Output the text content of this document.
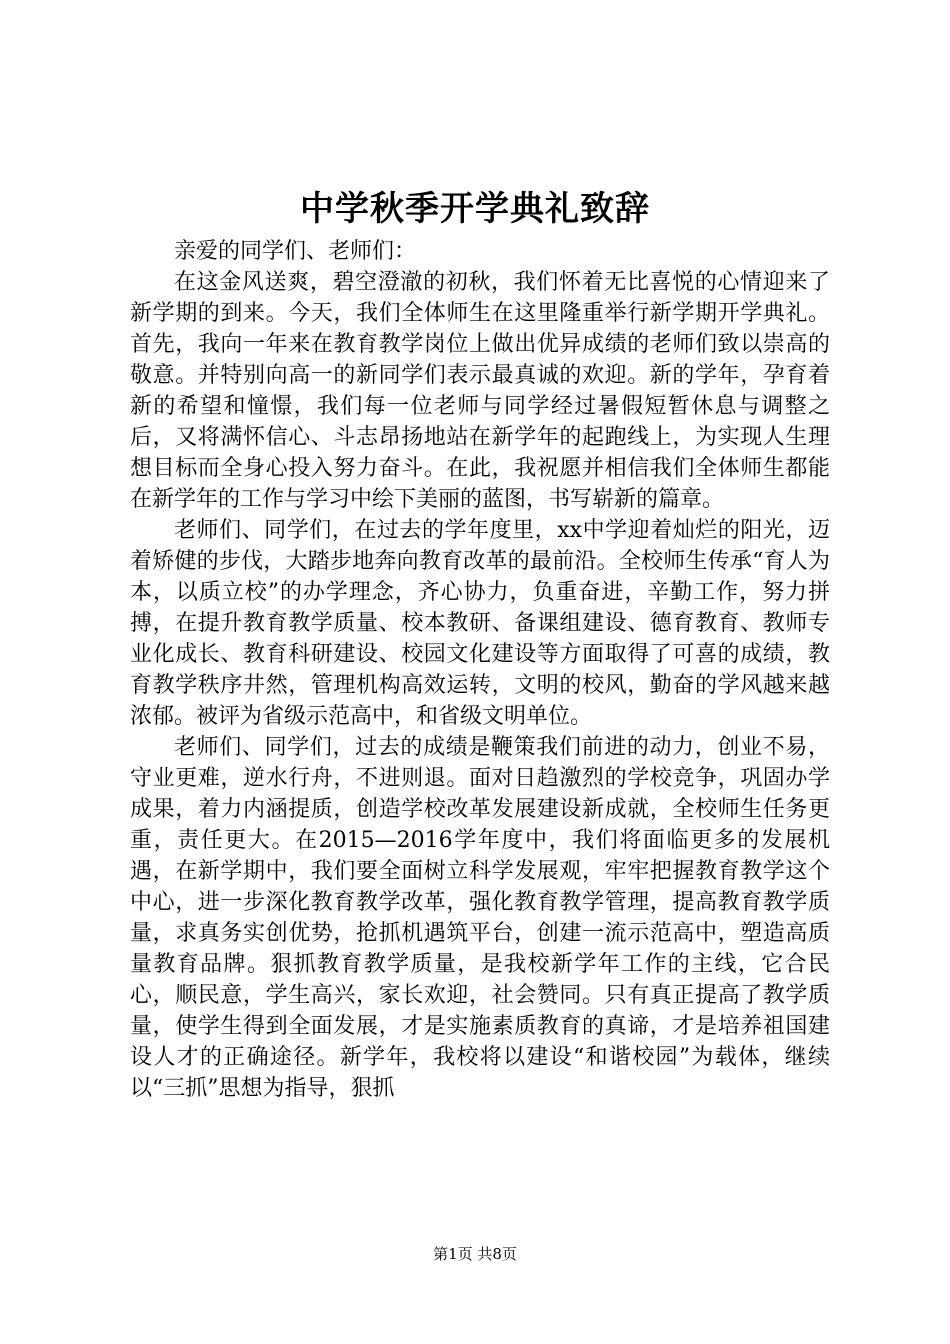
中学秋季开学典礼致辞

亲爱的同学们、老师们：

在这金风送爽，碧空澄澈的初秋，我们怀着无比喜悦的心情迎来了新学期的到来。今天，我们全体师生在这里隆重举行新学期开学典礼。首先，我向一年来在教育教学岗位上做出优异成绩的老师们致以崇高的敬意。并特别向高一的新同学们表示最真诚的欢迎。新的学年，孕育着新的希望和憧憬，我们每一位老师与同学经过暑假短暂休息与调整之后，又将满怀信心、斗志昂扬地站在新学年的起跑线上，为实现人生理想目标而全身心投入努力奋斗。在此，我祝愿并相信我们全体师生都能在新学年的工作与学习中绘下美丽的蓝图，书写崭新的篇章。

老师们、同学们，在过去的学年度里，xx中学迎着灿烂的阳光，迈着矫健的步伐，大踏步地奔向教育改革的最前沿。全校师生传承“育人为本，以质立校”的办学理念，齐心协力，负重奋进，辛勤工作，努力拼搏，在提升教育教学质量、校本教研、备课组建设、德育教育、教师专业化成长、教育科研建设、校园文化建设等方面取得了可喜的成绩，教育教学秩序井然，管理机构高效运转，文明的校风，勤奋的学风越来越浓郁。被评为省级示范高中，和省级文明单位。

老师们、同学们，过去的成绩是鞭策我们前进的动力，创业不易，守业更难，逆水行舟，不进则退。面对日趋激烈的学校竞争，巩固办学成果，着力内涵提质，创造学校改革发展建设新成就，全校师生任务更重，责任更大。在2015—2016学年度中，我们将面临更多的发展机遇，在新学期中，我们要全面树立科学发展观，牢牢把握教育教学这个中心，进一步深化教育教学改革，强化教育教学管理，提高教育教学质量，求真务实创优势，抢抓机遇筑平台，创建一流示范高中，塑造高质量教育品牌。狠抓教育教学质量，是我校新学年工作的主线，它合民心，顺民意，学生高兴，家长欢迎，社会赞同。只有真正提高了教学质量，使学生得到全面发展，才是实施素质教育的真谛，才是培养祖国建设人才的正确途径。新学年，我校将以建设“和谐校园”为载体，继续以“三抓”思想为指导，狠抓

第1页 共8页
